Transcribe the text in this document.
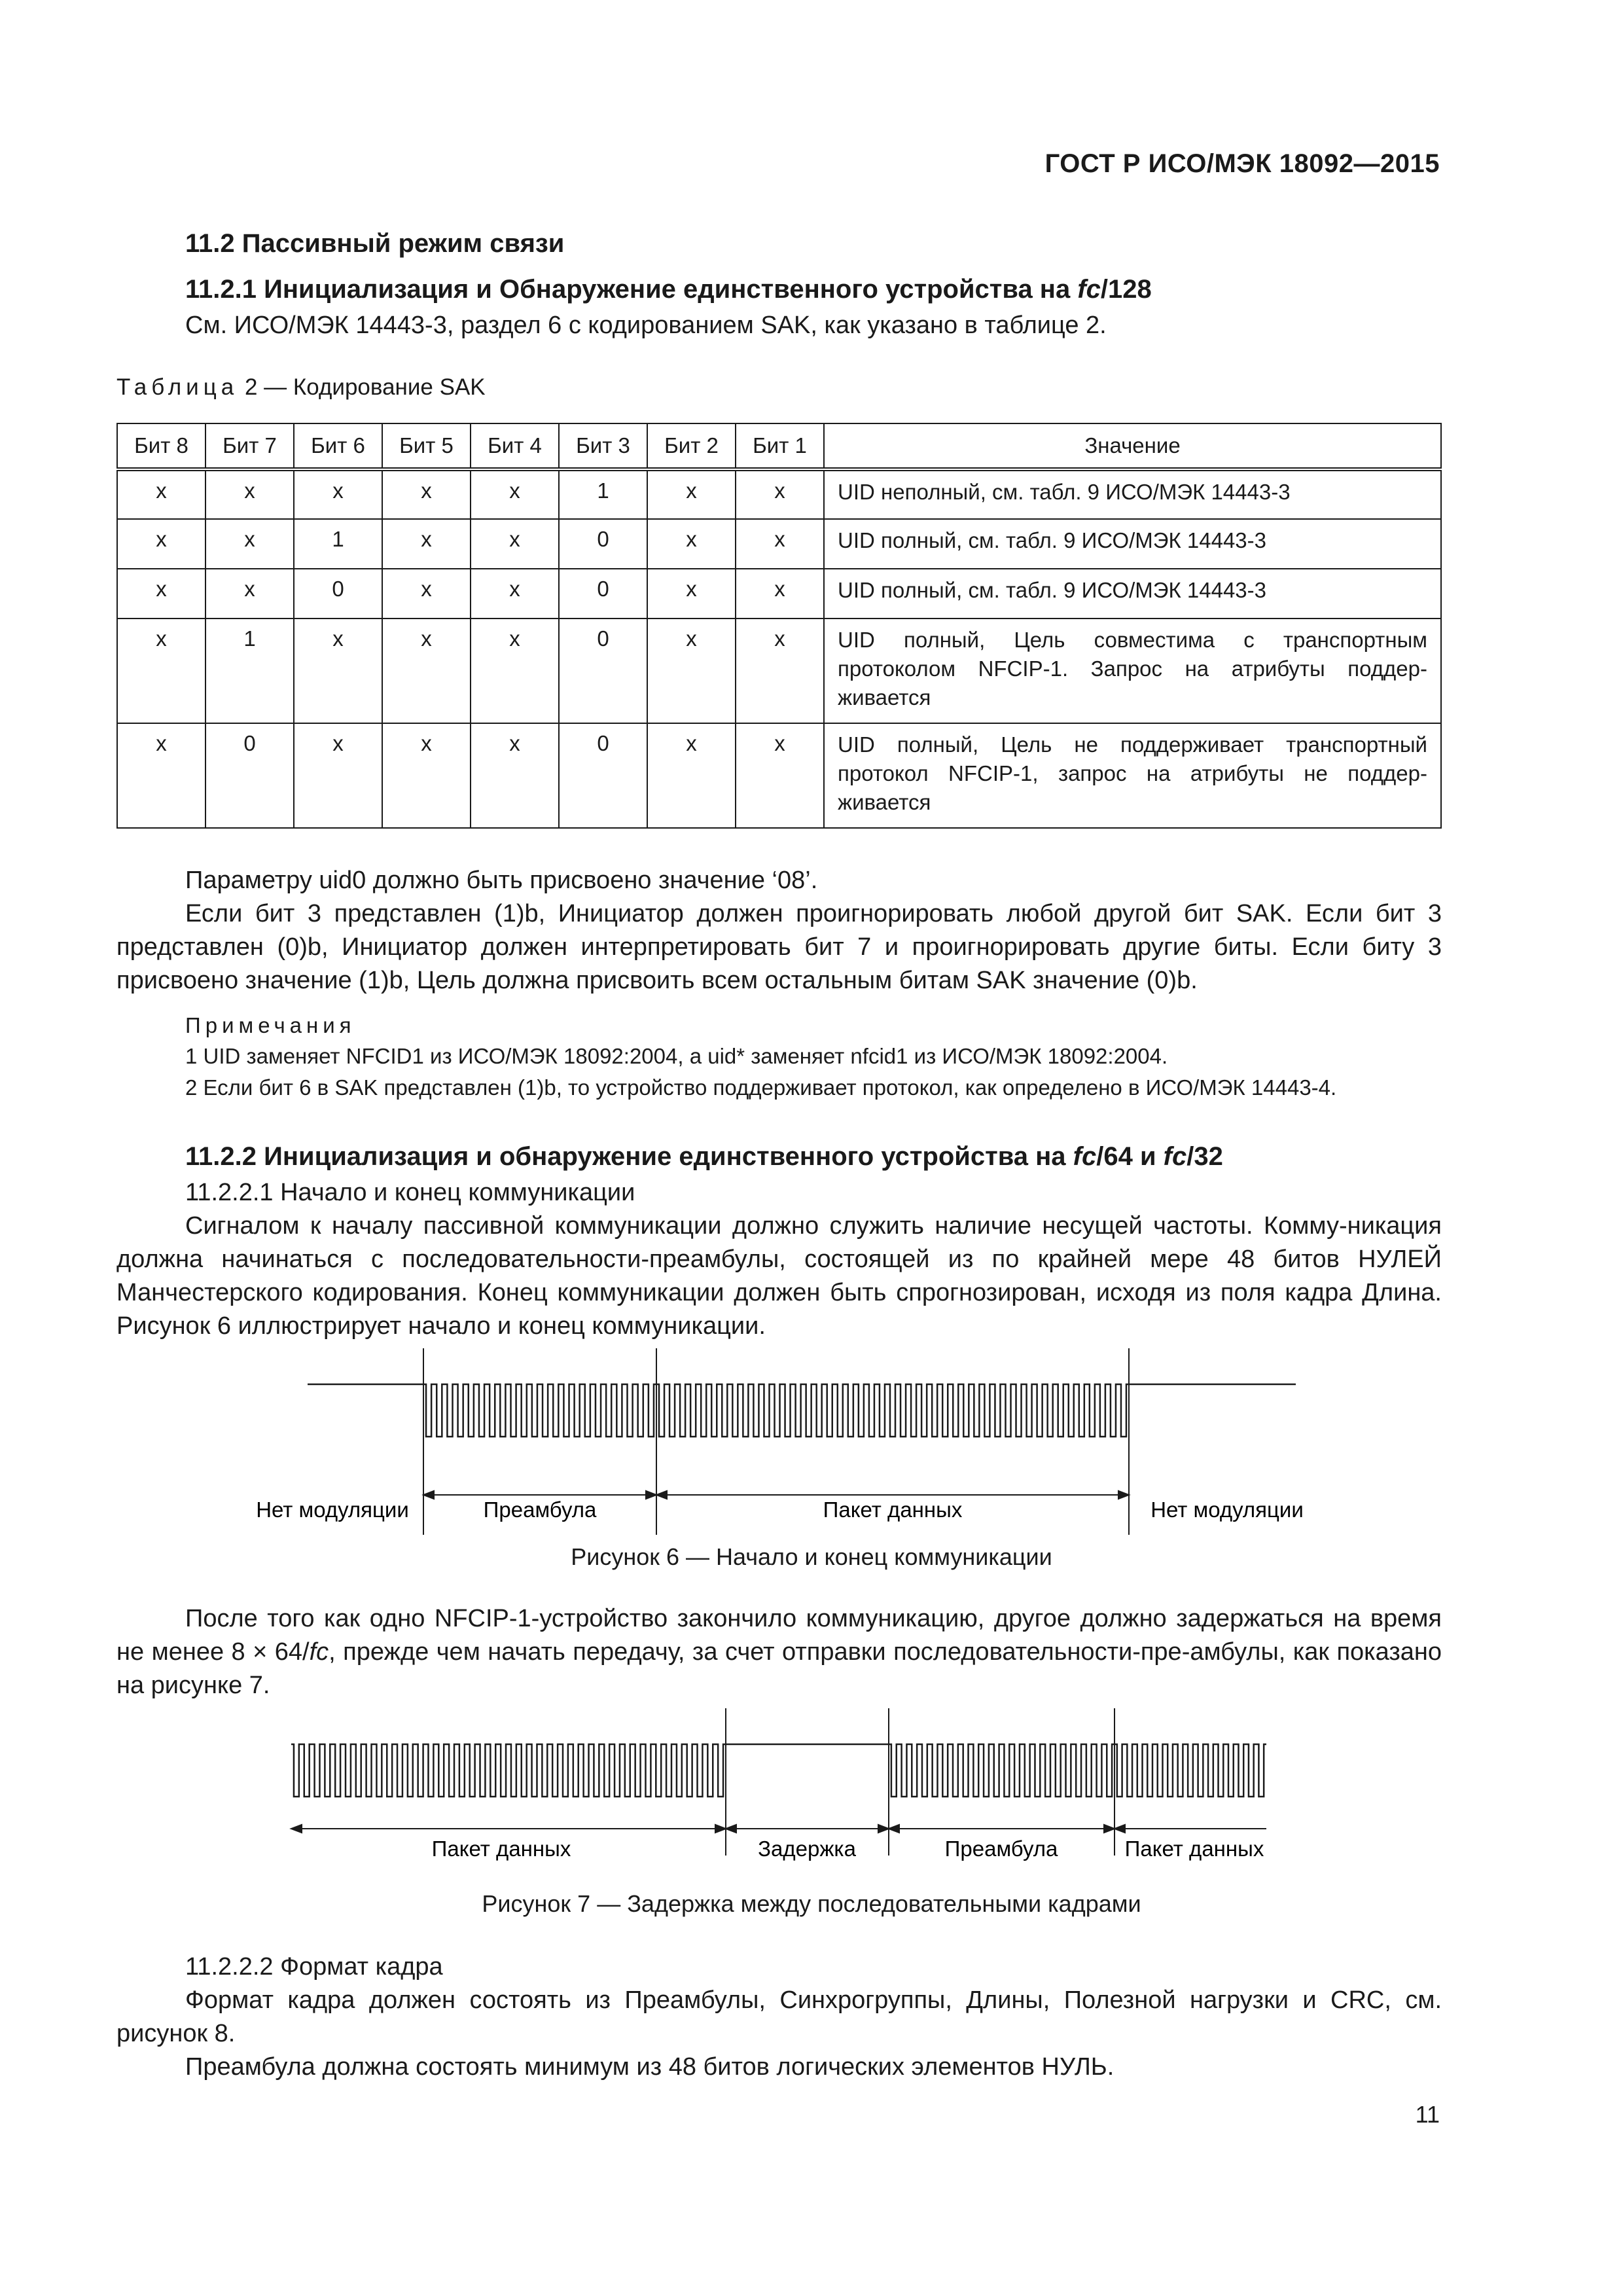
ГОСТ Р ИСО/МЭК 18092—2015
11.2 Пассивный режим связи
11.2.1 Инициализация и Обнаружение единственного устройства на fc/128
См. ИСО/МЭК 14443-3, раздел 6 с кодированием SAK, как указано в таблице 2.
Таблица 2 — Кодирование SAK
Бит 8	Бит 7	Бит 6	Бит 5	Бит 4	Бит 3	Бит 2	Бит 1	Значение
x	x	x	x	x	1	x	x	UID неполный, см. табл. 9 ИСО/МЭК 14443-3
x	x	1	x	x	0	x	x	UID полный, см. табл. 9 ИСО/МЭК 14443-3
x	x	0	x	x	0	x	x	UID полный, см. табл. 9 ИСО/МЭК 14443-3
x	1	x	x	x	0	x	x	UID полный, Цель совместима с транспортным протоколом NFCIP-1. Запрос на атрибуты поддер-живается
x	0	x	x	x	0	x	x	UID полный, Цель не поддерживает транспортный протокол NFCIP-1, запрос на атрибуты не поддер-живается
Параметру uid0 должно быть присвоено значение ‘08’.
Если бит 3 представлен (1)b, Инициатор должен проигнорировать любой другой бит SAK. Если бит 3 представлен (0)b, Инициатор должен интерпретировать бит 7 и проигнорировать другие биты. Если биту 3 присвоено значение (1)b, Цель должна присвоить всем остальным битам SAK значение (0)b.
Примечания
1 UID заменяет NFCID1 из ИСО/МЭК 18092:2004, а uid* заменяет nfcid1 из ИСО/МЭК 18092:2004.
2 Если бит 6 в SAK представлен (1)b, то устройство поддерживает протокол, как определено в ИСО/МЭК 14443-4.
11.2.2 Инициализация и обнаружение единственного устройства на fc/64 и fc/32
11.2.2.1 Начало и конец коммуникации
Сигналом к началу пассивной коммуникации должно служить наличие несущей частоты. Комму-никация должна начинаться с последовательности-преамбулы, состоящей из по крайней мере 48 битов НУЛЕЙ Манчестерского кодирования. Конец коммуникации должен быть спрогнозирован, исходя из поля кадра Длина. Рисунок 6 иллюстрирует начало и конец коммуникации.
Нет модуляции	Преамбула	Пакет данных	Нет модуляции
Рисунок 6 — Начало и конец коммуникации
После того как одно NFCIP-1-устройство закончило коммуникацию, другое должно задержаться на время не менее 8 × 64/fc, прежде чем начать передачу, за счет отправки последовательности-пре-амбулы, как показано на рисунке 7.
Пакет данных	Задержка	Преамбула	Пакет данных
Рисунок 7 — Задержка между последовательными кадрами
11.2.2.2 Формат кадра
Формат кадра должен состоять из Преамбулы, Синхрогруппы, Длины, Полезной нагрузки и CRC, см. рисунок 8.
Преамбула должна состоять минимум из 48 битов логических элементов НУЛЬ.
11
